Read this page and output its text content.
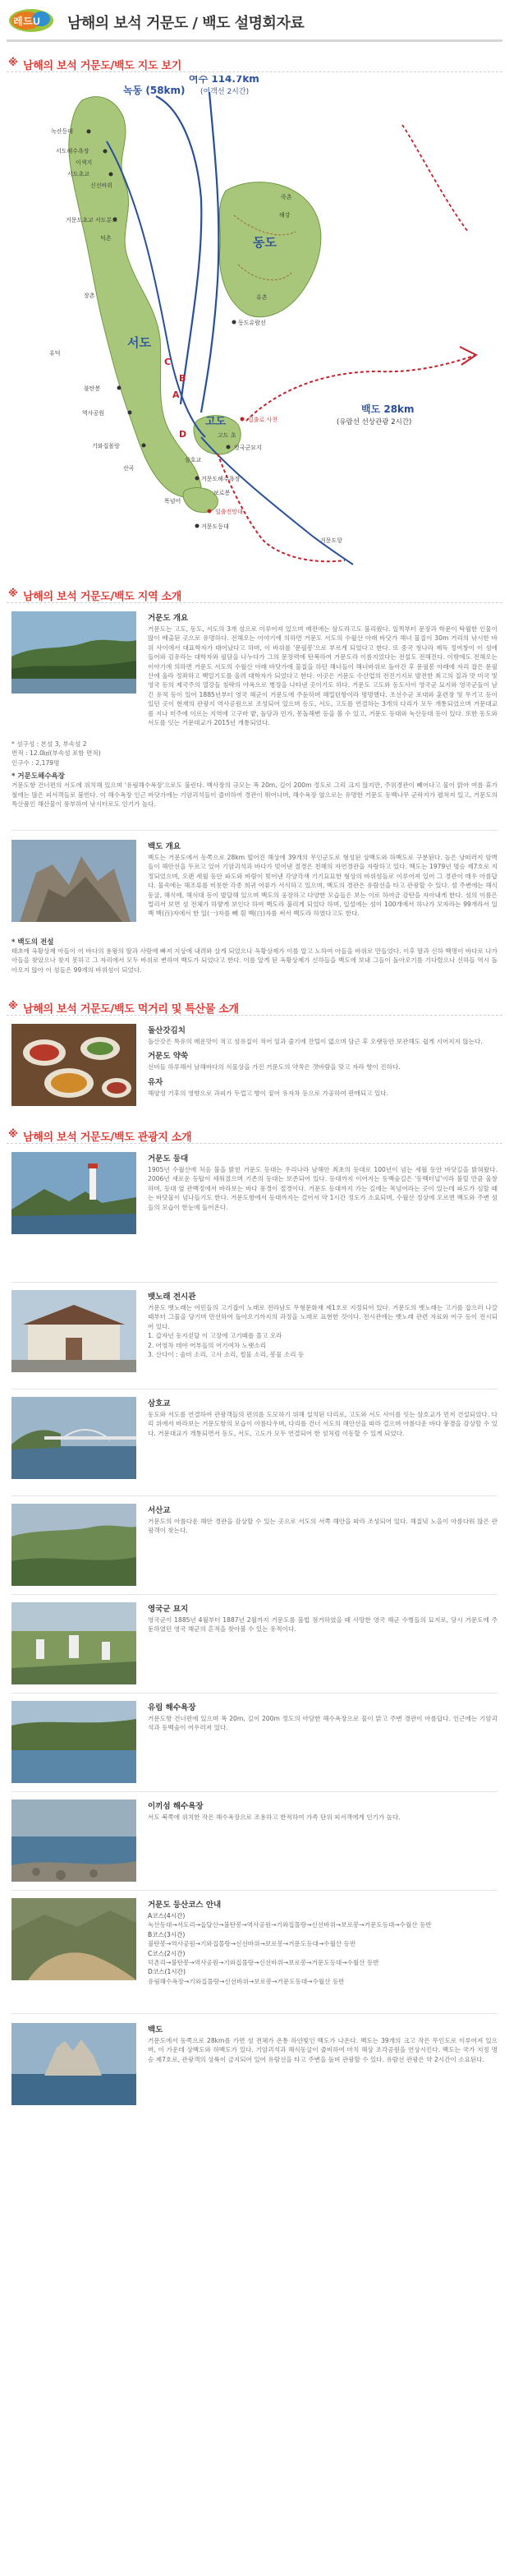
레드U 남해의 보석 거문도 / 백도 설명회자료
※ 남해의 보석 거문도/백도 지도 보기
녹동 (58km)
여수 114.7km
(여객선 2시간)
서도
동도
고도
백도 28km
(유람선 선상관광 2시간)
녹산등대
서도해수욕장
이색지
서도초교
신선바위
거문도초교 서도분교
덕촌
장촌
유덕
불탄봉
역사공원
기와집몰랑
산곡
목넘어
거문도등대
죽촌
해강
유촌
동도유람선
일출로 사천
고도 초
영국군묘지
삼호교
거문도해수욕장
보로봉
일출전망대
거문도항
A
B
C
D
※ 남해의 보석 거문도/백도 지역 소개
거문도 개요
거문도는 고도, 동도, 서도의 3개 섬으로 이루어져 있으며 예전에는 삼도라고도 불리웠다. 일찍부터 문장과 학문이 탁월한 인물이 많이 배출된 곳으로 유명하다. 전해오는 이야기에 의하면 거문도 서도의 수월산 아래 바닷가 해녀 물질이 30m 거리의 낚시한 바위 사이에서 대표학자가 태어났다고 하며, 이 바위를 '문필봉'으로 부르게 되었다고 한다. 또 중국 청나라 제독 정여창이 이 섬에 들어와 김유라는 대학자와 필담을 나누다가 그의 문장력에 탄복하여 거문도라 이름지었다는 전설도 전해진다. 이밖에도 전해오는 이야기에 의하면 거문도 서도의 수월산 아래 바닷가에 물질을 하던 해녀들이 해녀바위로 돌아간 후 문필봉 아래에 자리 잡은 문필산에 올라 정좌하고 백일기도를 올려 대학자가 되었다고 한다. 이곳은 거문도 수산업의 전진기지로 발전한 최고의 질과 맛 미국 및 영국 등의 제국주의 열강들 침략의 야욕으로 병정을 나타낸 곳이기도 하다. 거문도 고도와 동도사이 영국군 묘지와 영국군들이 남긴 유적 등이 있어 1885년부터 영국 해군이 거문도에 주둔하며 해밀턴항이라 명명했다. 조선수군 포대와 훈련장 및 무기고 등이 있던 곳이 현재의 관광지 역사공원으로 조성되어 있으며 동도, 서도, 고도를 연결하는 3개의 다리가 모두 개통되었으며 거문대교를 지나 미주에 이르는 지역에 고구마 밭, 돌담과 민가, 몽돌해변 등을 볼 수 있고, 거문도 등대와 녹산등대 등이 있다. 또한 동도와 서도를 잇는 거문대교가 2015년 개통되었다.
* 섬구성 : 본섬 3, 부속섬 2
면적 : 12.0㎢(부속섬 포함 면적)
인구수 : 2,179명
* 거문도해수욕장
거문도항 건너편의 서도에 위치해 있으며 '유림해수욕장'으로도 불린다. 백사장의 규모는 폭 20m, 길이 200m 정도로 그리 크지 않지만, 주위경관이 빼어나고 물이 맑아 여름 휴가철에는 많은 피서객들로 붐빈다. 이 해수욕장 인근 바닷가에는 기암괴석들이 즐비하여 경관이 뛰어나며, 해수욕장 옆으로는 유명한 거문도 동백나무 군락지가 펼쳐져 있고, 거문도의 특산품인 해산물이 풍부하여 낚시터로도 인기가 높다.
백도 개요
백도는 거문도에서 동쪽으로 28km 떨어진 해상에 39개의 무인군도로 형성된 상백도와 하백도로 구분된다. 높은 낭떠러지 암벽들이 해안선을 두르고 있어 기암괴석과 바다가 빚어낸 절경은 천혜의 자연경관을 자랑하고 있다. 백도는 1979년 명승 제7호로 지정되었으며, 오랜 세월 동안 파도와 바람이 빚어낸 각양각색 기기묘묘한 형상의 바위섬들로 이루어져 있어 그 경관이 매우 아름답다. 물속에는 해조류를 비롯한 각종 희귀 어류가 서식하고 있으며, 백도의 경관은 유람선을 타고 관광할 수 있다. 섬 주변에는 해식동굴, 해식애, 해식대 등이 발달해 있으며 백도의 웅장하고 다양한 모습들은 보는 이로 하여금 감탄을 자아내게 한다. 섬의 이름은 멀리서 보면 섬 전체가 하얗게 보인다 하여 백도라 불리게 되었다 하며, 일설에는 섬이 100개에서 하나가 모자라는 99개라서 일백 백(百)자에서 한 일(一)자를 빼 흰 백(白)자를 써서 백도라 하였다고도 한다.
* 백도의 전설
태초에 옥황상제 아들이 이 바다의 용왕의 딸과 사랑에 빠져 지상에 내려와 살게 되었으나 옥황상제가 이를 알고 노하여 아들을 바위로 만들었다. 이후 딸과 신하 백명이 바다로 나가 아들을 찾았으나 찾지 못하고 그 자리에서 모두 바위로 변하여 백도가 되었다고 한다. 이를 알게 된 옥황상제가 신하들을 백도에 보내 그들이 돌아오기를 기다렸으나 신하들 역시 돌아오지 않아 이 섬들은 99개의 바위섬이 되었다.
※ 남해의 보석 거문도/백도 먹거리 및 특산물 소개
돌산갓김치
돌산갓은 특유의 매운맛이 적고 섬유질이 적어 잎과 줄기에 잔털이 없으며 담근 후 오랫동안 보관해도 쉽게 시어지지 않는다.
거문도 약쑥
선비들 하루해서 남해바다의 식물상을 가진 거문도의 약쑥은 갯바람을 맞고 자라 향이 진하다.
유자
해양성 기후의 영향으로 과피가 두껍고 향이 짙어 유자차 등으로 가공하여 판매되고 있다.
※ 남해의 보석 거문도/백도 관광지 소개
거문도 등대
1905년 수월산에 처음 불을 밝힌 거문도 등대는 우리나라 남해안 최초의 등대로 100년이 넘는 세월 동안 바닷길을 밝혀왔다. 2006년 새로운 등탑이 세워졌으며 기존의 등대는 보존되어 있다. 등대까지 이어지는 동백숲길은 '동백터널'이라 불릴 만큼 울창하며, 등대 옆 관백정에서 바라보는 바다 풍경이 절경이다. 거문도 등대까지 가는 길에는 목넘어라는 곳이 있는데 파도가 심할 때는 바닷물이 넘나들기도 한다. 거문도항에서 등대까지는 걸어서 약 1시간 정도가 소요되며, 수월산 정상에 오르면 백도와 주변 섬들의 모습이 한눈에 들어온다.
뱃노래 전시관
거문도 뱃노래는 어민들의 고기잡이 노래로 전라남도 무형문화재 제1호로 지정되어 있다. 거문도의 뱃노래는 고기를 잡으러 나갈 때부터 그물을 당기며 만선하여 돌아오기까지의 과정을 노래로 표현한 것이다. 전시관에는 뱃노래 관련 자료와 어구 등이 전시되어 있다.
1. 갑자년 동지섣달 이 고장에 고기떼를 몰고 오라
2. 어영차 데야 어부들의 어기여차 노랫소리
3. 산다이 : 술비 소리, 고사 소리, 썰물 소리, 봉물 소리 등
삼호교
동도와 서도를 연결하여 관광객들의 편의를 도모하기 위해 설치된 다리로, 고도와 서도 사이를 잇는 삼호교가 먼저 건설되었다. 다리 위에서 바라보는 거문도항의 모습이 아름다우며, 다리를 건너 서도의 해안선을 따라 걸으며 아름다운 바다 풍경을 감상할 수 있다. 거문대교가 개통되면서 동도, 서도, 고도가 모두 연결되어 한 섬처럼 이동할 수 있게 되었다.
서산교
거문도의 아름다운 해안 경관을 감상할 수 있는 곳으로 서도의 서쪽 해안을 따라 조성되어 있다. 해질녘 노을이 아름다워 많은 관광객이 찾는다.
영국군 묘지
영국군이 1885년 4월부터 1887년 2월까지 거문도를 불법 점거하였을 때 사망한 영국 해군 수병들의 묘지로, 당시 거문도에 주둔하였던 영국 해군의 흔적을 찾아볼 수 있는 유적이다.
유림 해수욕장
거문도항 건너편에 있으며 폭 20m, 길이 200m 정도의 아담한 해수욕장으로 물이 맑고 주변 경관이 아름답다. 인근에는 기암괴석과 동백숲이 어우러져 있다.
이끼섬 해수욕장
서도 북쪽에 위치한 작은 해수욕장으로 조용하고 한적하여 가족 단위 피서객에게 인기가 높다.
거문도 등산코스 안내
A코스(4시간)
녹산등대→서도리→읍달산→불탄봉→역사공원→기와집몰랑→신선바위→보로봉→거문도등대→수월산 등반
B코스(3시간)
불탄봉→역사공원→기와집몰랑→신선바위→보로봉→거문도등대→수월산 등반
C코스(2시간)
덕촌리→불탄봉→역사공원→기와집몰랑→신선바위→보로봉→거문도등대→수월산 등반
D코스(1시간)
유림해수욕장→기와집몰랑→신선바위→보로봉→거문도등대→수월산 등반
백도
거문도에서 동쪽으로 28km를 가면 섬 전체가 온통 하얀빛인 백도가 나온다. 백도는 39개의 크고 작은 무인도로 이루어져 있으며, 이 가운데 상백도와 하백도가 있다. 기암괴석과 해식동굴이 즐비하여 마치 해상 조각공원을 연상시킨다. 백도는 국가 지정 명승 제7호로, 관광객의 상륙이 금지되어 있어 유람선을 타고 주변을 돌며 관광할 수 있다. 유람선 관광은 약 2시간이 소요된다.
